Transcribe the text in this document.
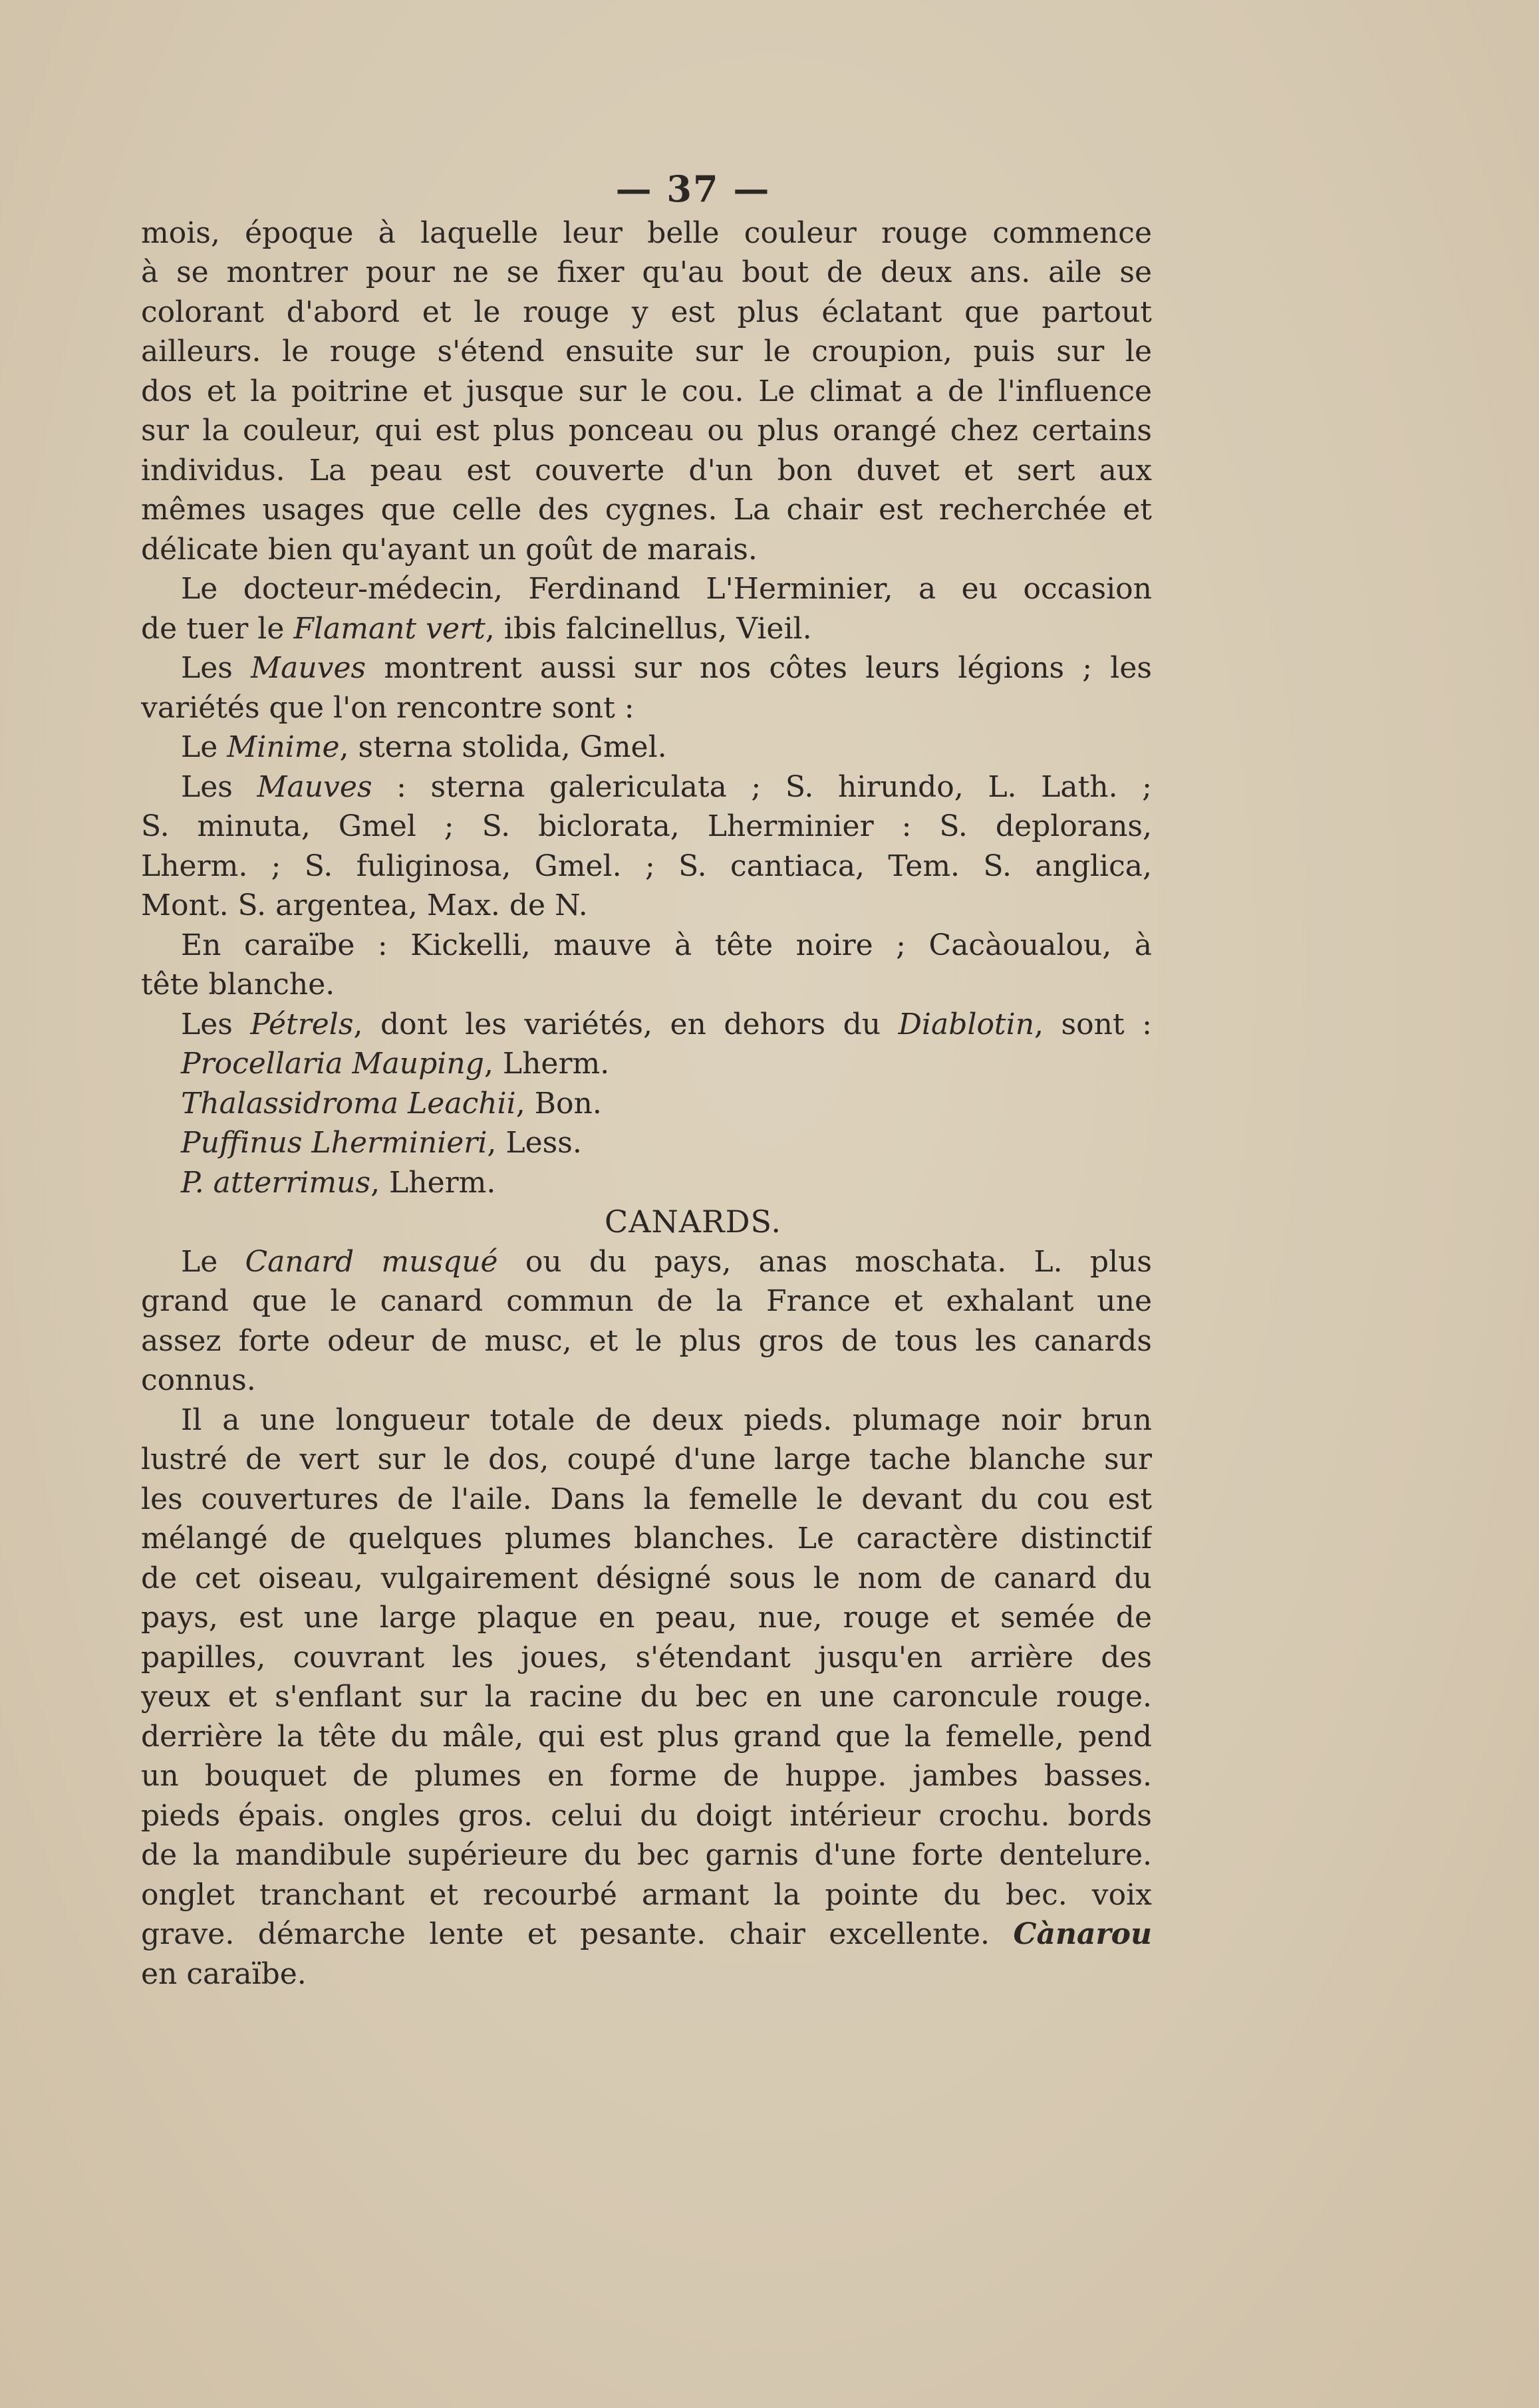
— 37 —
mois, époque à laquelle leur belle couleur rouge commence
à se montrer pour ne se fixer qu'au bout de deux ans. aile se
colorant d'abord et le rouge y est plus éclatant que partout
ailleurs. le rouge s'étend ensuite sur le croupion, puis sur le
dos et la poitrine et jusque sur le cou. Le climat a de l'influence
sur la couleur, qui est plus ponceau ou plus orangé chez certains
individus. La peau est couverte d'un bon duvet et sert aux
mêmes usages que celle des cygnes. La chair est recherchée et
délicate bien qu'ayant un goût de marais.
Le docteur-médecin, Ferdinand L'Herminier, a eu occasion
de tuer le Flamant vert, ibis falcinellus, Vieil.
Les Mauves montrent aussi sur nos côtes leurs légions ; les
variétés que l'on rencontre sont :
Le Minime, sterna stolida, Gmel.
Les Mauves : sterna galericulata ; S. hirundo, L. Lath. ;
S. minuta, Gmel ; S. biclorata, Lherminier : S. deplorans,
Lherm. ; S. fuliginosa, Gmel. ; S. cantiaca, Tem. S. anglica,
Mont. S. argentea, Max. de N.
En caraïbe : Kickelli, mauve à tête noire ; Cacàoualou, à
tête blanche.
Les Pétrels, dont les variétés, en dehors du Diablotin, sont :
Procellaria Mauping, Lherm.
Thalassidroma Leachii, Bon.
Puffinus Lherminieri, Less.
P. atterrimus, Lherm.
CANARDS.
Le Canard musqué ou du pays, anas moschata. L. plus
grand que le canard commun de la France et exhalant une
assez forte odeur de musc, et le plus gros de tous les canards
connus.
Il a une longueur totale de deux pieds. plumage noir brun
lustré de vert sur le dos, coupé d'une large tache blanche sur
les couvertures de l'aile. Dans la femelle le devant du cou est
mélangé de quelques plumes blanches. Le caractère distinctif
de cet oiseau, vulgairement désigné sous le nom de canard du
pays, est une large plaque en peau, nue, rouge et semée de
papilles, couvrant les joues, s'étendant jusqu'en arrière des
yeux et s'enflant sur la racine du bec en une caroncule rouge.
derrière la tête du mâle, qui est plus grand que la femelle, pend
un bouquet de plumes en forme de huppe. jambes basses.
pieds épais. ongles gros. celui du doigt intérieur crochu. bords
de la mandibule supérieure du bec garnis d'une forte dentelure.
onglet tranchant et recourbé armant la pointe du bec. voix
grave. démarche lente et pesante. chair excellente. Cànarou
en caraïbe.
